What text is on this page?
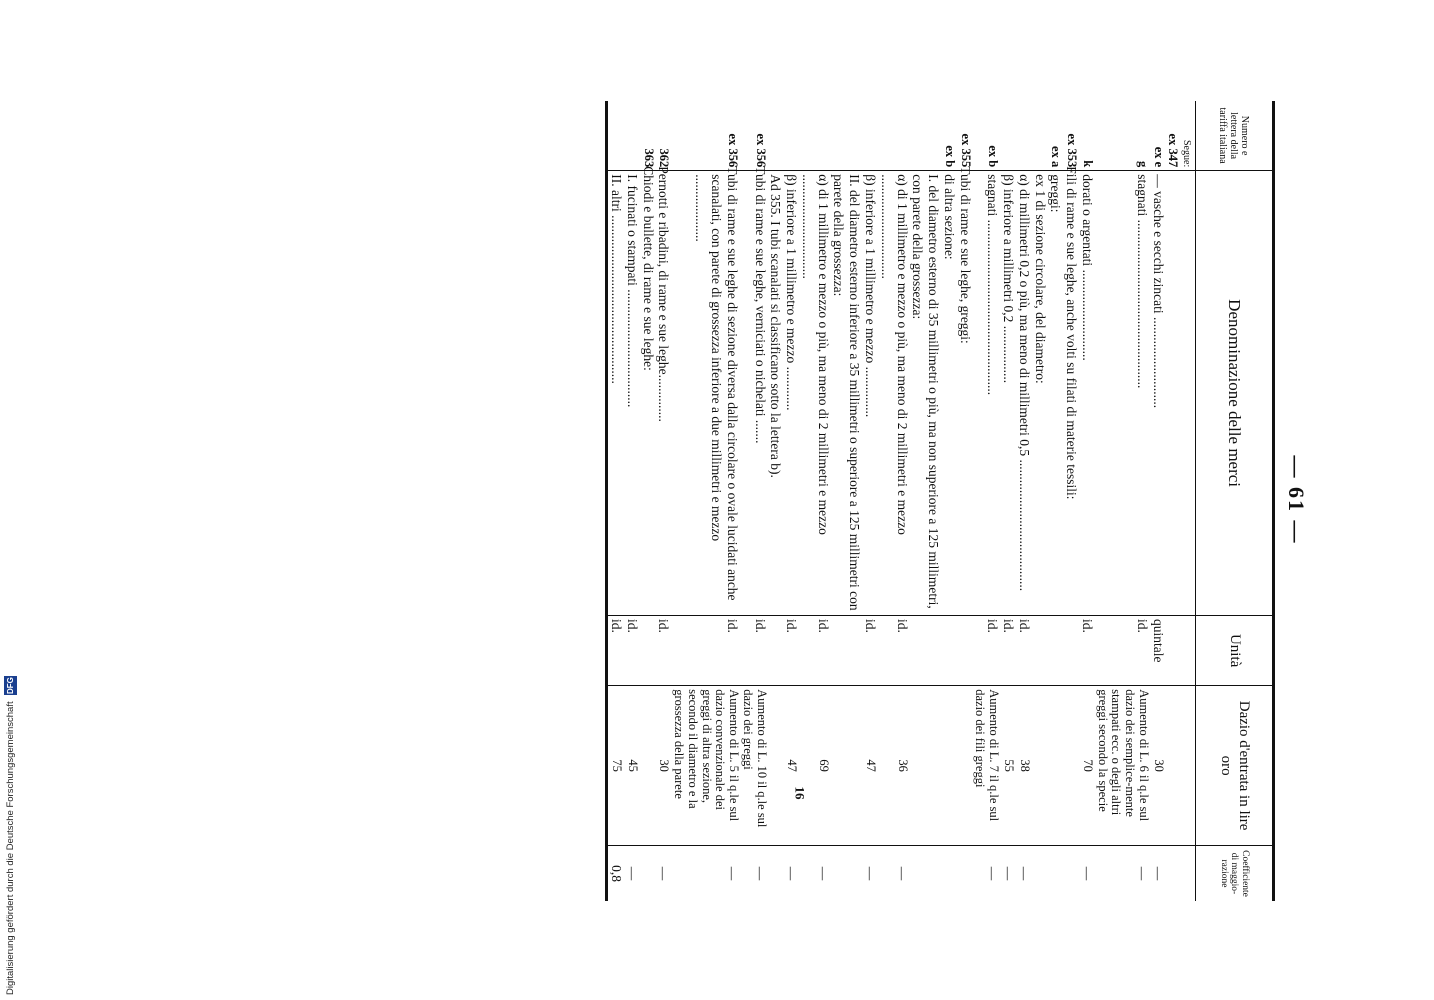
Digitalisierung gefördert durch die Deutsche Forschungsgemeinschaft DFG
— 61 —
Numero e lettera della tariffa italiana	Denominazione delle merci	Unità	Dazio d'entrata in lire oro	Coefficiente di maggio-razione
Segue:				
ex 347				
ex e	— vasche e secchi zincati ...........................	quintale	30	—
g	stagnati ..................................................	id.	Aumento di L. 6 il q.le sul dazio dei semplice-mente stampati ecc. o degli altri greggi secondo la specie	—
k	dorati o argentati ...........................	id.	70	—
ex 353	Fili di rame e sue leghe, anche volti su filati di materie tessili:			
ex a	greggi:			
	ex 1 di sezione circolare, del diametro:			
	α) di millimetri 0,2 o più, ma meno di millimetri 0,5 .......................................	id.	38	—
	β) inferiore a millimetri 0,2 .................	id.	55	—
ex b	stagnati ....................................................	id.	Aumento di L. 7 il q.le sul dazio dei fili greggi	—
ex 355	Tubi di rame e sue leghe, greggi:			
ex b	di altra sezione:			
	I. del diametro esterno di 35 millimetri o più, ma non superiore a 125 millimetri, con parete della grossezza:			
	α) di 1 millimetro e mezzo o più, ma meno di 2 millimetri e mezzo ...............................	id.	36	—
	β) inferiore a 1 millimetro e mezzo ...............	id.	47	—
	II. del diametro esterno inferiore a 35 millimetri o superiore a 125 millimetri con parete della grossezza:			
	α) di 1 millimetro e mezzo o più, ma meno di 2 millimetri e mezzo ...............................	id.	69	—
	β) inferiore a 1 millimetro e mezzo .............	id.	47	—
	Ad 355. I tubi scanalati si classificano sotto la lettera b).			
ex 356	Tubi di rame e sue leghe, verniciati o nichelati .......	id.	Aumento di L. 10 il q.le sul dazio dei greggi	—
ex 356	Tubi di rame e sue leghe di sezione diversa dalla circolare o ovale lucidati anche scanalati, con parete di grossezza inferiore a due millimetri e mezzo ....................	id.	Aumento di L. 5 il q.le sul dazio convenzionale dei greggi di altra sezione, secondo il diametro e la grossezza della parete	—
362	Pernotti e ribadini, di rame e sue leghe..............	id.	30	—
363	Chiodi e bullette, di rame e sue leghe:			
	I. fucinati o stampati ...................................	id.	45	—
	II. altri ..................................................	id.	75	0,8
16
